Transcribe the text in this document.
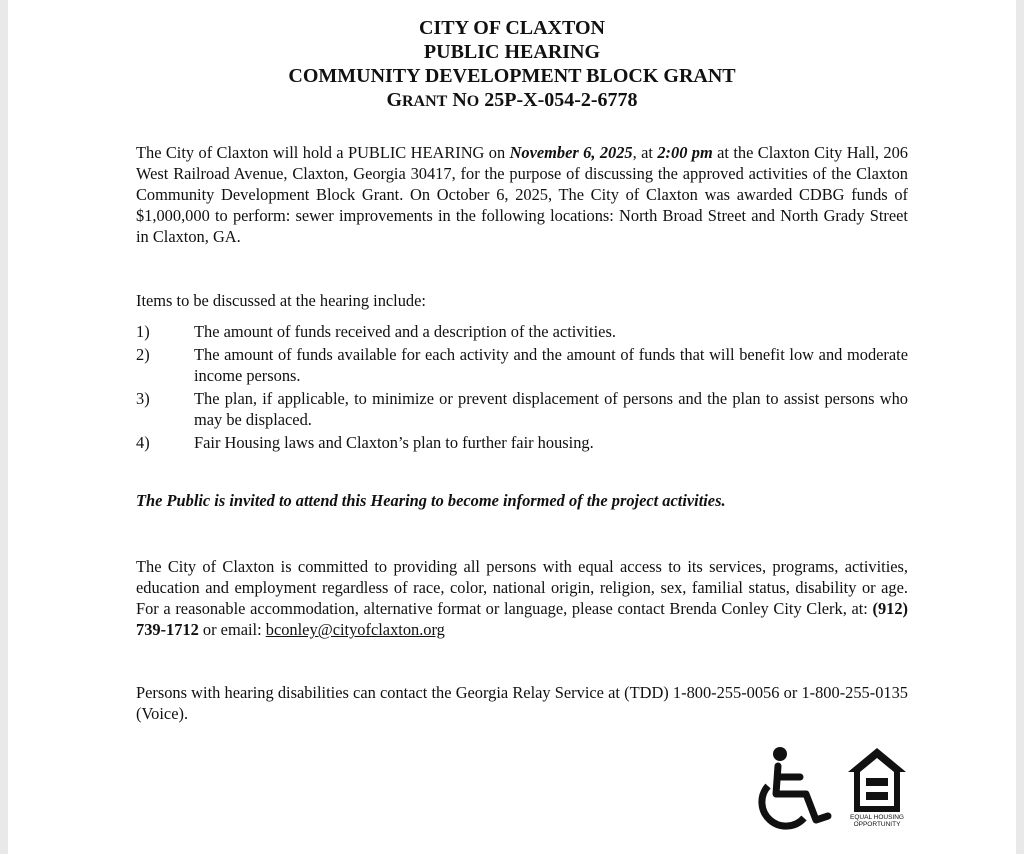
CITY OF CLAXTON
PUBLIC HEARING
COMMUNITY DEVELOPMENT BLOCK GRANT
GRANT NO 25P-X-054-2-6778

The City of Claxton will hold a PUBLIC HEARING on November 6, 2025, at 2:00 pm at the Claxton City Hall, 206 West Railroad Avenue, Claxton, Georgia 30417, for the purpose of discussing the approved activities of the Claxton Community Development Block Grant. On October 6, 2025, The City of Claxton was awarded CDBG funds of $1,000,000 to perform: sewer improvements in the following locations: North Broad Street and North Grady Street in Claxton, GA.

Items to be discussed at the hearing include:
1)	The amount of funds received and a description of the activities.
2)	The amount of funds available for each activity and the amount of funds that will benefit low and moderate income persons.
3)	The plan, if applicable, to minimize or prevent displacement of persons and the plan to assist persons who may be displaced.
4)	Fair Housing laws and Claxton’s plan to further fair housing.
The Public is invited to attend this Hearing to become informed of the project activities.

The City of Claxton is committed to providing all persons with equal access to its services, programs, activities, education and employment regardless of race, color, national origin, religion, sex, familial status, disability or age. For a reasonable accommodation, alternative format or language, please contact Brenda Conley City Clerk, at: (912) 739-1712 or email: bconley@cityofclaxton.org

Persons with hearing disabilities can contact the Georgia Relay Service at (TDD) 1-800-255-0056 or 1-800-255-0135 (Voice).
EQUAL HOUSING
OPPORTUNITY
